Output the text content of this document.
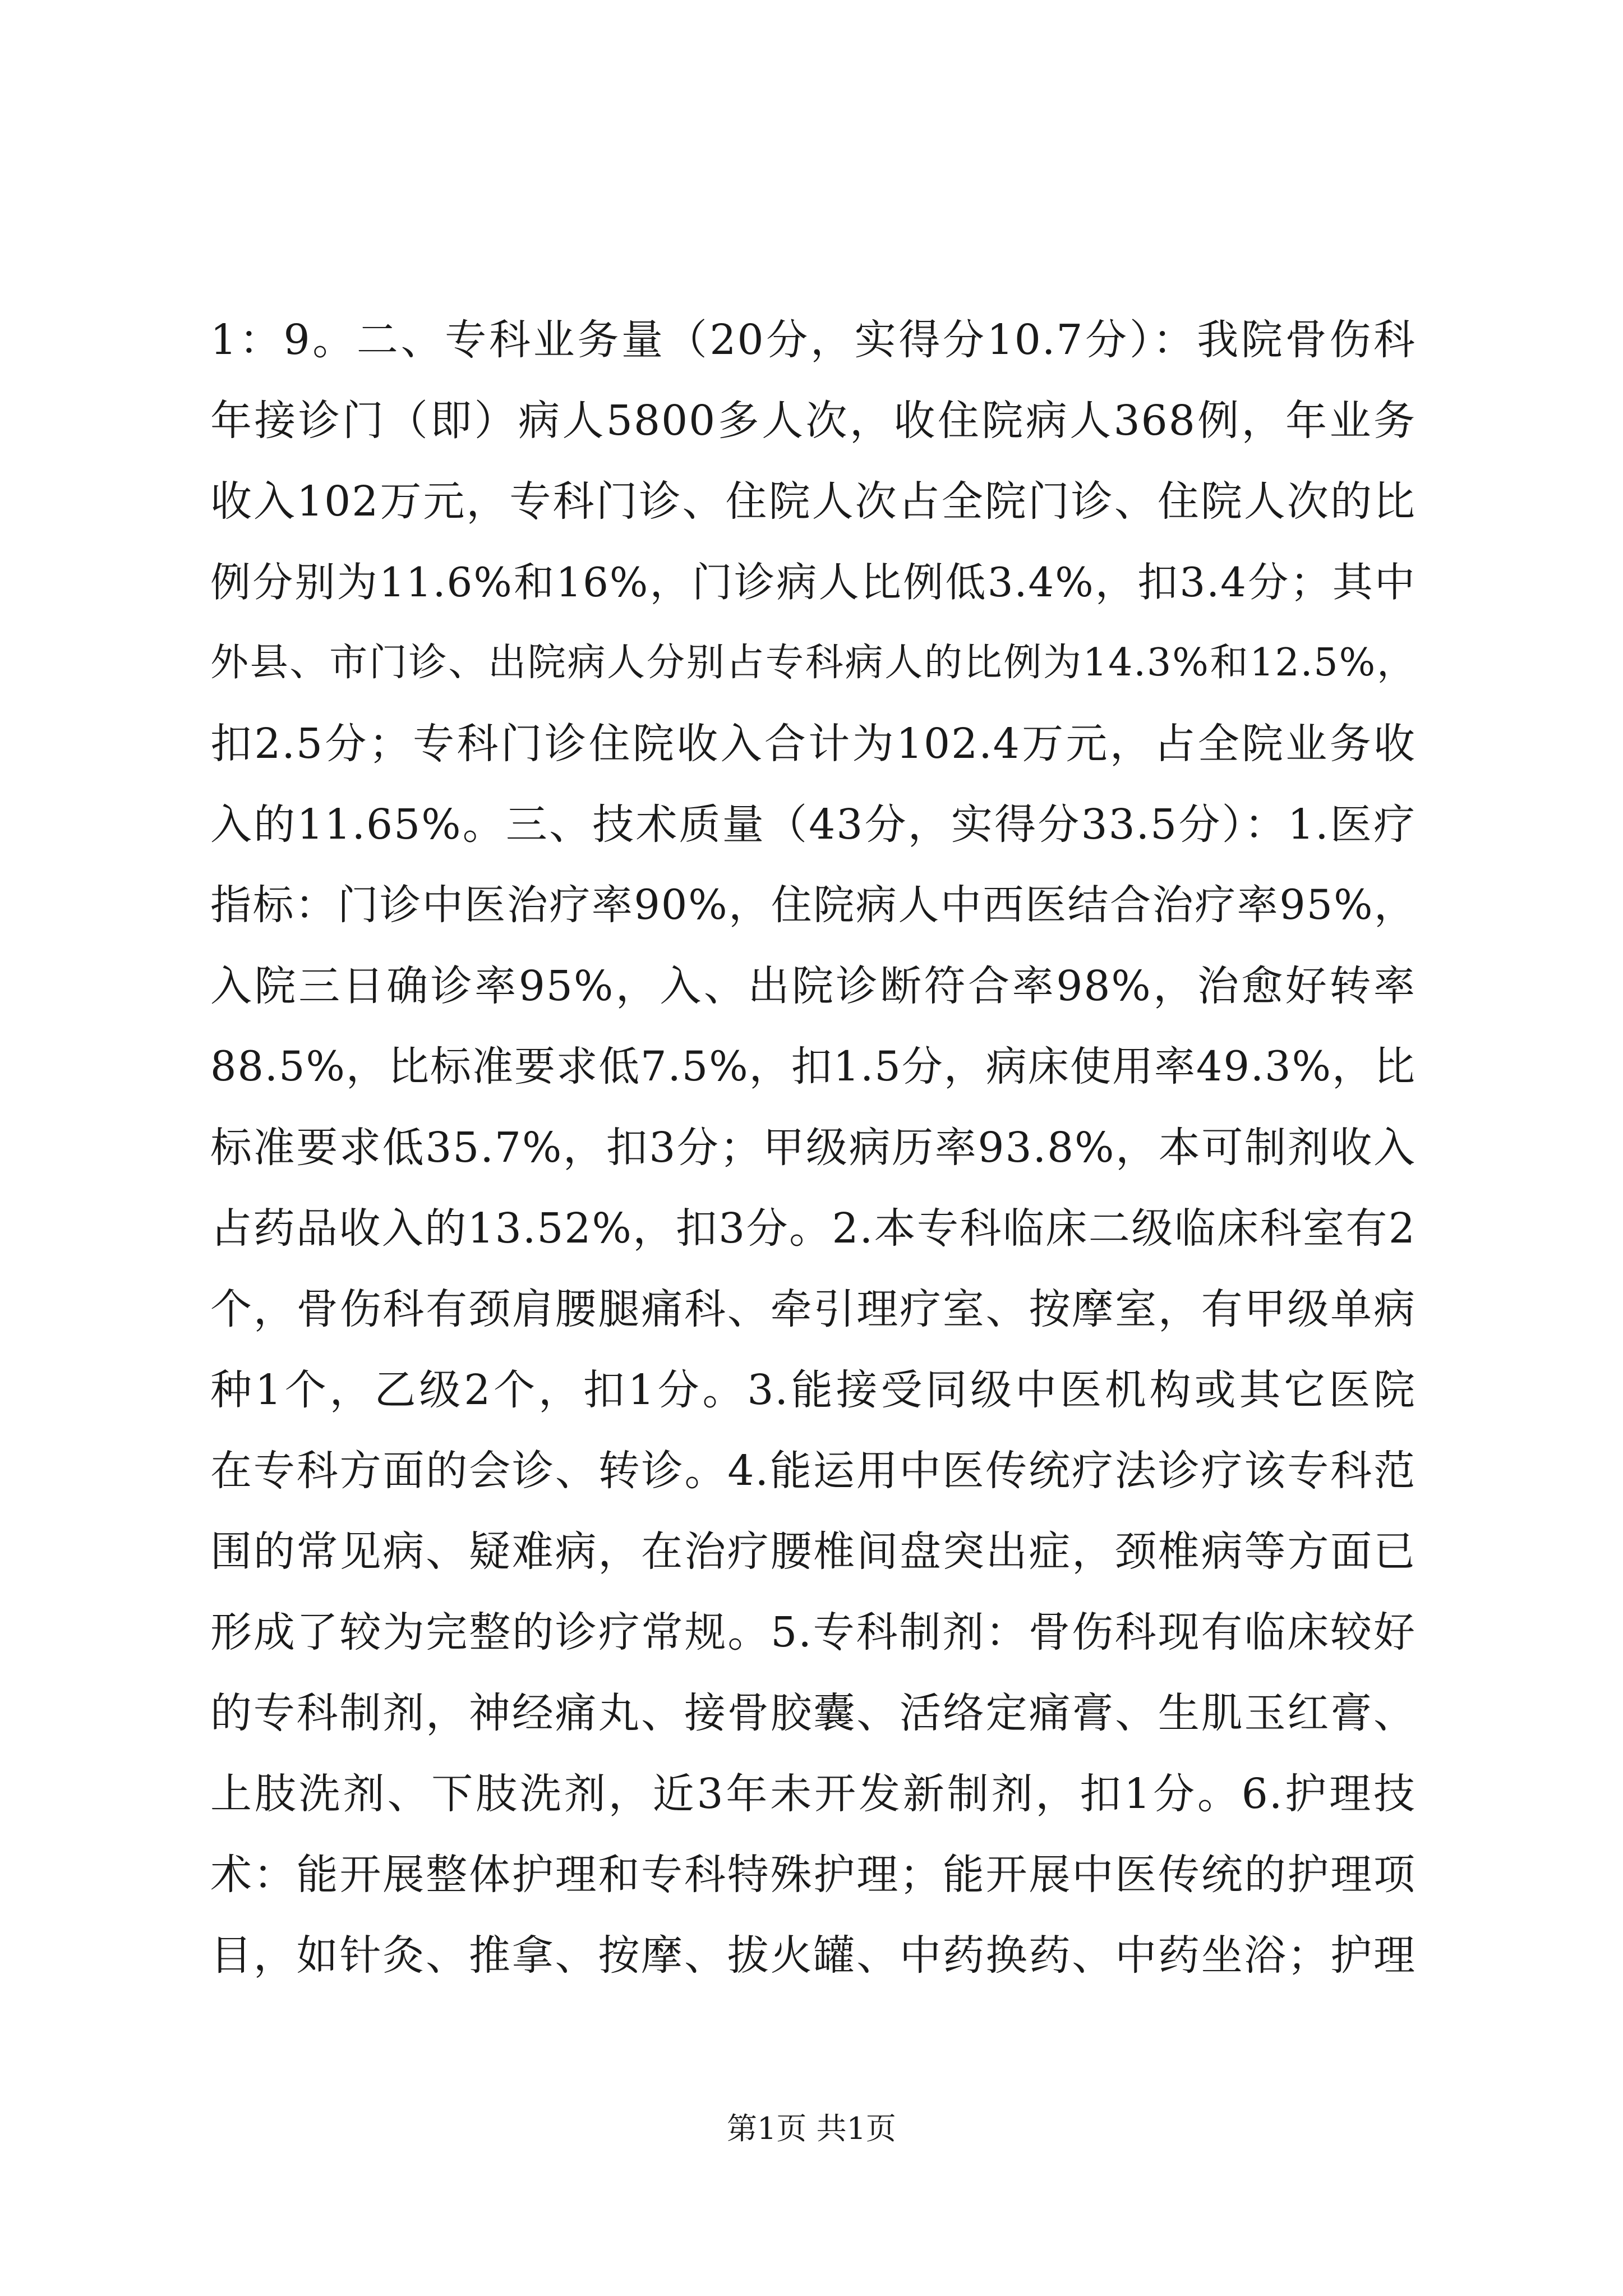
1：9。二、专科业务量（20分，实得分10.7分）：我院骨伤科
年接诊门（即）病人5800多人次，收住院病人368例，年业务
收入102万元，专科门诊、住院人次占全院门诊、住院人次的比
例分别为11.6%和16%，门诊病人比例低3.4%，扣3.4分；其中
外县、市门诊、出院病人分别占专科病人的比例为14.3%和12.5%，
扣2.5分；专科门诊住院收入合计为102.4万元，占全院业务收
入的11.65%。三、技术质量（43分，实得分33.5分）：1.医疗
指标：门诊中医治疗率90%，住院病人中西医结合治疗率95%，
入院三日确诊率95%，入、出院诊断符合率98%，治愈好转率
88.5%，比标准要求低7.5%，扣1.5分，病床使用率49.3%，比
标准要求低35.7%，扣3分；甲级病历率93.8%，本可制剂收入
占药品收入的13.52%，扣3分。2.本专科临床二级临床科室有2
个，骨伤科有颈肩腰腿痛科、牵引理疗室、按摩室，有甲级单病
种1个，乙级2个，扣1分。3.能接受同级中医机构或其它医院
在专科方面的会诊、转诊。4.能运用中医传统疗法诊疗该专科范
围的常见病、疑难病，在治疗腰椎间盘突出症，颈椎病等方面已
形成了较为完整的诊疗常规。5.专科制剂：骨伤科现有临床较好
的专科制剂，神经痛丸、接骨胶囊、活络定痛膏、生肌玉红膏、
上肢洗剂、下肢洗剂，近3年未开发新制剂，扣1分。6.护理技
术：能开展整体护理和专科特殊护理；能开展中医传统的护理项
目，如针灸、推拿、按摩、拔火罐、中药换药、中药坐浴；护理
第1页 共1页
